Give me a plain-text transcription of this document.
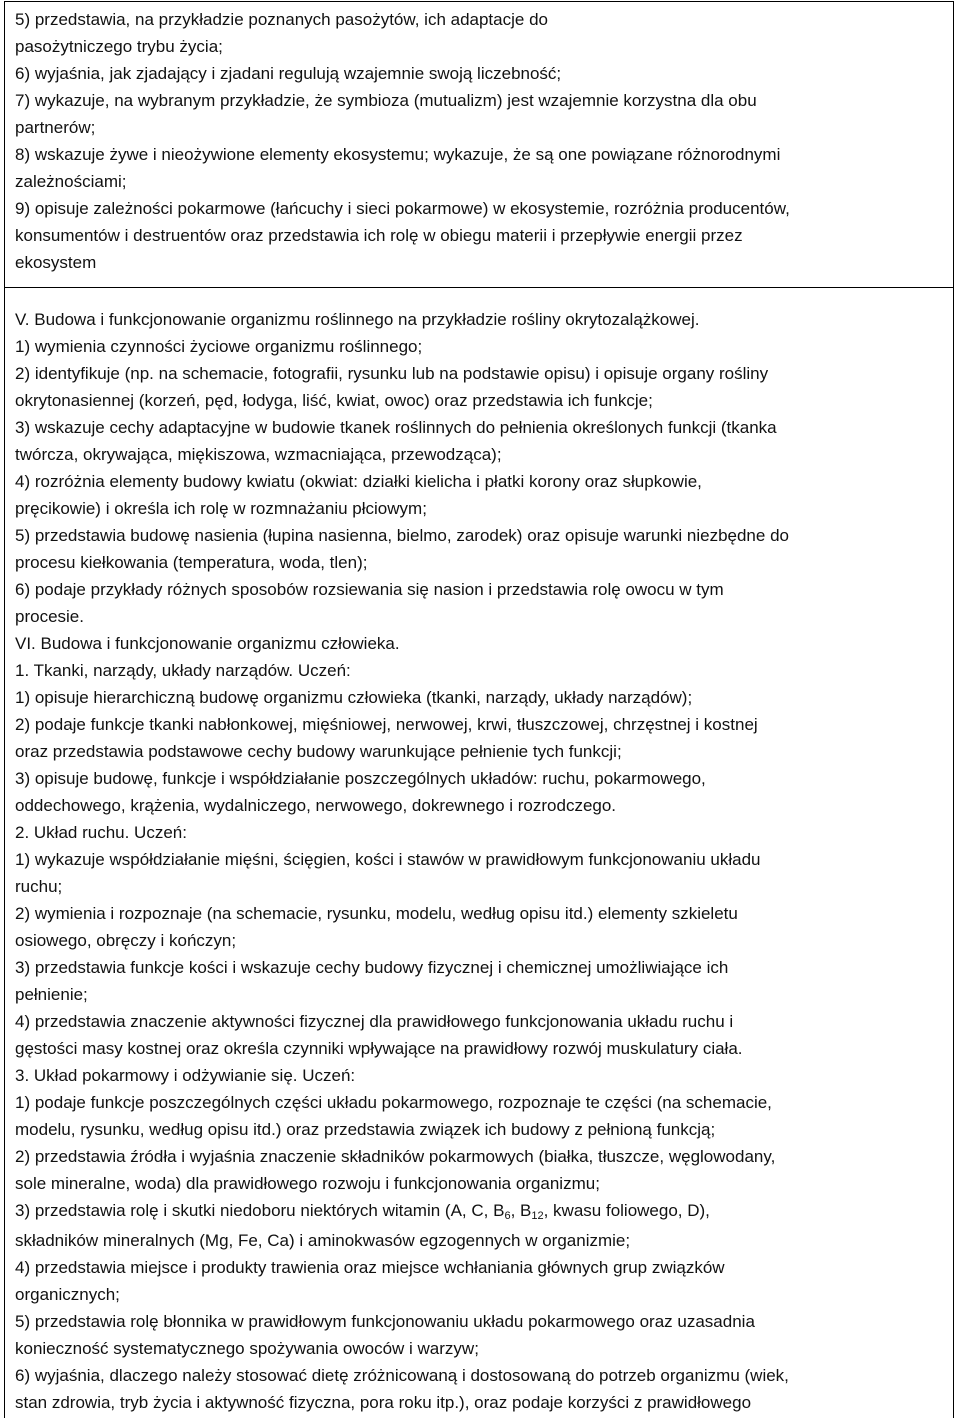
5) przedstawia, na przykładzie poznanych pasożytów, ich adaptacje do

pasożytniczego trybu życia;

6) wyjaśnia, jak zjadający i zjadani regulują wzajemnie swoją liczebność;

7) wykazuje, na wybranym przykładzie, że symbioza (mutualizm) jest wzajemnie korzystna dla obu

partnerów;

8) wskazuje żywe i nieożywione elementy ekosystemu; wykazuje, że są one powiązane różnorodnymi

zależnościami;

9) opisuje zależności pokarmowe (łańcuchy i sieci pokarmowe) w ekosystemie, rozróżnia producentów,

konsumentów i destruentów oraz przedstawia ich rolę w obiegu materii i przepływie energii przez

ekosystem

V. Budowa i funkcjonowanie organizmu roślinnego na przykładzie rośliny okrytozalążkowej.

1) wymienia czynności życiowe organizmu roślinnego;

2) identyfikuje (np. na schemacie, fotografii, rysunku lub na podstawie opisu) i opisuje organy rośliny

okrytonasiennej (korzeń, pęd, łodyga, liść, kwiat, owoc) oraz przedstawia ich funkcje;

3) wskazuje cechy adaptacyjne w budowie tkanek roślinnych do pełnienia określonych funkcji (tkanka

twórcza, okrywająca, miękiszowa, wzmacniająca, przewodząca);

4) rozróżnia elementy budowy kwiatu (okwiat: działki kielicha i płatki korony oraz słupkowie,

pręcikowie) i określa ich rolę w rozmnażaniu płciowym;

5) przedstawia budowę nasienia (łupina nasienna, bielmo, zarodek) oraz opisuje warunki niezbędne do

procesu kiełkowania (temperatura, woda, tlen);

6) podaje przykłady różnych sposobów rozsiewania się nasion i przedstawia rolę owocu w tym

procesie.

VI. Budowa i funkcjonowanie organizmu człowieka.

1. Tkanki, narządy, układy narządów. Uczeń:

1) opisuje hierarchiczną budowę organizmu człowieka (tkanki, narządy, układy narządów);

2) podaje funkcje tkanki nabłonkowej, mięśniowej, nerwowej, krwi, tłuszczowej, chrzęstnej i kostnej

oraz przedstawia podstawowe cechy budowy warunkujące pełnienie tych funkcji;

3) opisuje budowę, funkcje i współdziałanie poszczególnych układów: ruchu, pokarmowego,

oddechowego, krążenia, wydalniczego, nerwowego, dokrewnego i rozrodczego.

2. Układ ruchu. Uczeń:

1) wykazuje współdziałanie mięśni, ścięgien, kości i stawów w prawidłowym funkcjonowaniu układu

ruchu;

2) wymienia i rozpoznaje (na schemacie, rysunku, modelu, według opisu itd.) elementy szkieletu

osiowego, obręczy i kończyn;

3) przedstawia funkcje kości i wskazuje cechy budowy fizycznej i chemicznej umożliwiające ich

pełnienie;

4) przedstawia znaczenie aktywności fizycznej dla prawidłowego funkcjonowania układu ruchu i

gęstości masy kostnej oraz określa czynniki wpływające na prawidłowy rozwój muskulatury ciała.

3. Układ pokarmowy i odżywianie się. Uczeń:

1) podaje funkcje poszczególnych części układu pokarmowego, rozpoznaje te części (na schemacie,

modelu, rysunku, według opisu itd.) oraz przedstawia związek ich budowy z pełnioną funkcją;

2) przedstawia źródła i wyjaśnia znaczenie składników pokarmowych (białka, tłuszcze, węglowodany,

sole mineralne, woda) dla prawidłowego rozwoju i funkcjonowania organizmu;

3) przedstawia rolę i skutki niedoboru niektórych witamin (A, C, $B_6$, $B_{12}$, kwasu foliowego, D),

składników mineralnych (Mg, Fe, Ca) i aminokwasów egzogennych w organizmie;

4) przedstawia miejsce i produkty trawienia oraz miejsce wchłaniania głównych grup związków

organicznych;

5) przedstawia rolę błonnika w prawidłowym funkcjonowaniu układu pokarmowego oraz uzasadnia

konieczność systematycznego spożywania owoców i warzyw;

6) wyjaśnia, dlaczego należy stosować dietę zróżnicowaną i dostosowaną do potrzeb organizmu (wiek,

stan zdrowia, tryb życia i aktywność fizyczna, pora roku itp.), oraz podaje korzyści z prawidłowego
